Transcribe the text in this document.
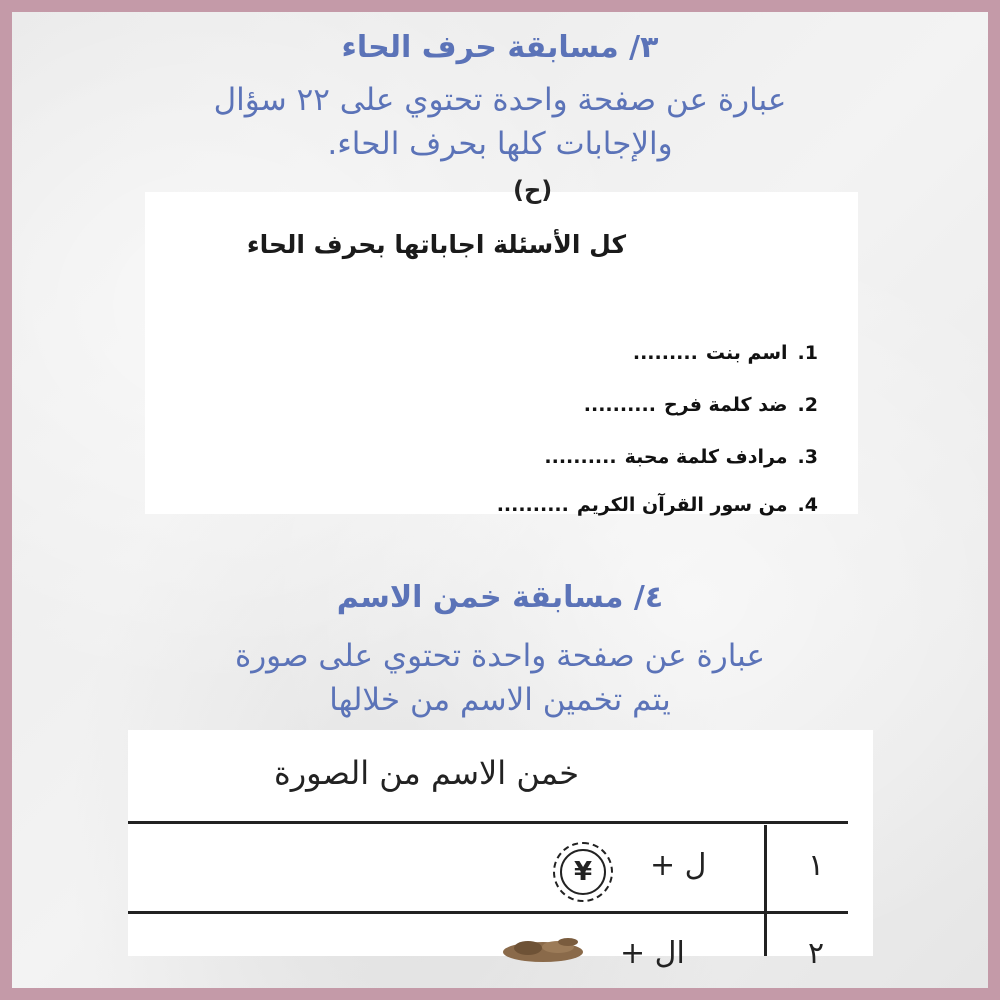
٣/ مسابقة حرف الحاء
عبارة عن صفحة واحدة تحتوي على ٢٢ سؤال
والإجابات كلها بحرف الحاء.
(ح)
كل الأسئلة اجاباتها بحرف الحاء
1.اسم بنت.........
2.ضد كلمة فرح..........
3.مرادف كلمة محبة..........
4.من سور القرآن الكريم..........
٤/ مسابقة خمن الاسم
عبارة عن صفحة واحدة تحتوي على صورة
يتم تخمين الاسم من خلالها
خمن الاسم من الصورة
١
ل +
¥
٢
ال +
